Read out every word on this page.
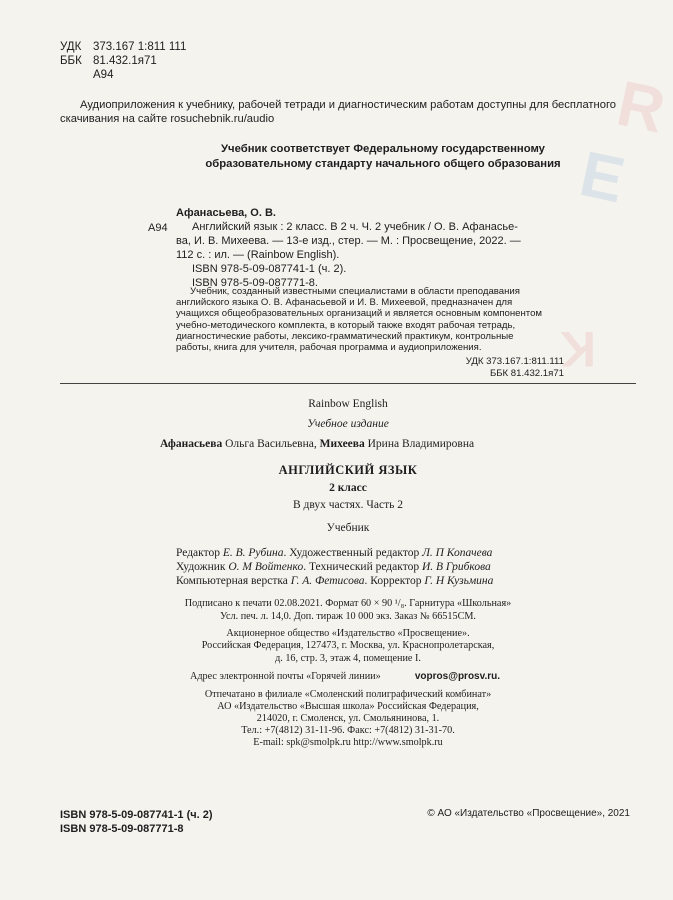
R
E
K
УДК	373.167 1:811 111
ББК 81.432.1я71
А94
Аудиоприложения к учебнику, рабочей тетради и диагностическим работам доступны для бесплатного
скачивания на сайте rosuchebnik.ru/audio
Учебник соответствует Федеральному государственному
образовательному стандарту начального общего образования
А94
Афанасьева, О. В.
Английский язык : 2 класс. В 2 ч. Ч. 2 учебник / О. В. Афанасье-
ва, И. В. Михеева. — 13-е изд., стер. — М. : Просвещение, 2022. —
112 с. : ил. — (Rainbow English).
ISBN 978-5-09-087741-1 (ч. 2).
ISBN 978-5-09-087771-8.
Учебник, созданный известными специалистами в области преподавания
английского языка О. В. Афанасьевой и И. В. Михеевой, предназначен для
учащихся общеобразовательных организаций и является основным компонентом
учебно-методического комплекта, в который также входят рабочая тетрадь,
диагностические работы, лексико-грамматический практикум, контрольные
работы, книга для учителя, рабочая программа и аудиоприложения.
УДК 373.167.1:811.111
ББК 81.432.1я71
Rainbow English
Учебное издание
Афанасьева Ольга Васильевна, Михеева Ирина Владимировна
АНГЛИЙСКИЙ ЯЗЫК
2 класс
В двух частях. Часть 2
Учебник
Редактор Е. В. Рубина. Художественный редактор Л. П Копачева
Художник О. М Войтенко. Технический редактор И. В Грибкова
Компьютерная верстка Г. А. Фетисова. Корректор Г. Н Кузьмина
Подписано к печати 02.08.2021. Формат 60 × 90 ¹/₈. Гарнитура «Школьная»
Усл. печ. л. 14,0. Доп. тираж 10 000 экз. Заказ № 66515СМ.
Акционерное общество «Издательство «Просвещение».
Российская Федерация, 127473, г. Москва, ул. Краснопролетарская,
д. 16, стр. 3, этаж 4, помещение I.
Адрес электронной почты «Горячей линии»	vopros@prosv.ru.
Отпечатано в филиале «Смоленский полиграфический комбинат»
АО «Издательство «Высшая школа» Российская Федерация,
214020, г. Смоленск, ул. Смольянинова, 1.
Тел.: +7(4812) 31-11-96. Факс: +7(4812) 31-31-70.
E-mail: spk@smolpk.ru http://www.smolpk.ru
ISBN 978-5-09-087741-1 (ч. 2)
ISBN 978-5-09-087771-8
© АО «Издательство «Просвещение», 2021
